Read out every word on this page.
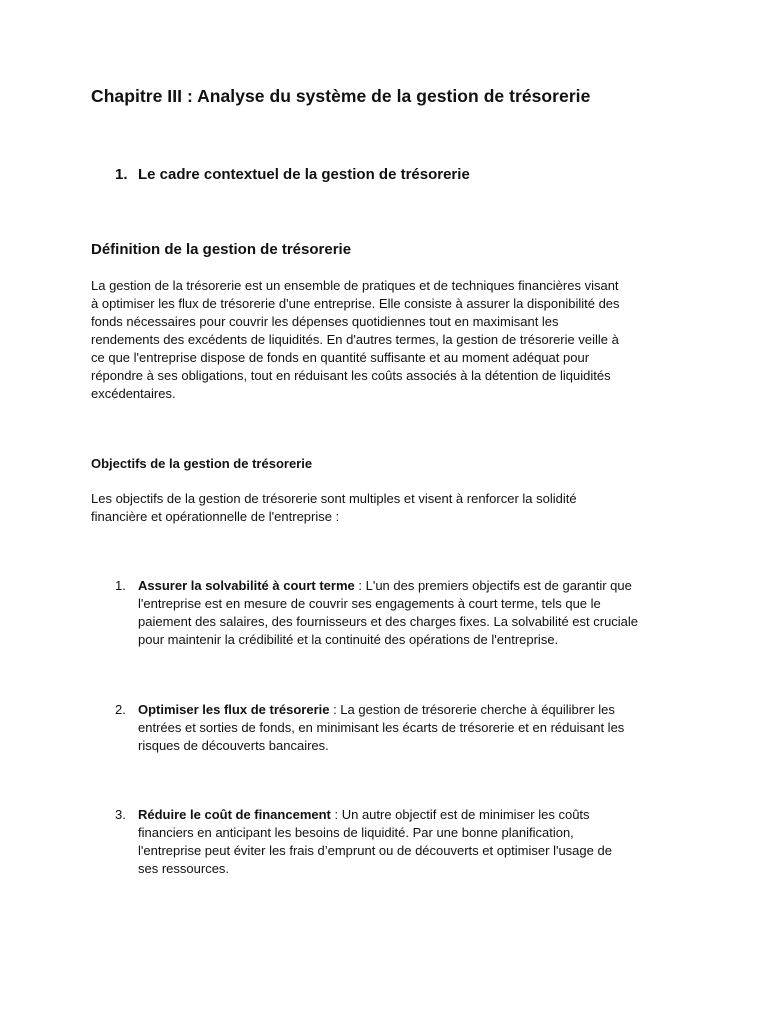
Chapitre III : Analyse du système de la gestion de trésorerie
1. Le cadre contextuel de la gestion de trésorerie
Définition de la gestion de trésorerie
La gestion de la trésorerie est un ensemble de pratiques et de techniques financières visant
à optimiser les flux de trésorerie d'une entreprise. Elle consiste à assurer la disponibilité des
fonds nécessaires pour couvrir les dépenses quotidiennes tout en maximisant les
rendements des excédents de liquidités. En d'autres termes, la gestion de trésorerie veille à
ce que l'entreprise dispose de fonds en quantité suffisante et au moment adéquat pour
répondre à ses obligations, tout en réduisant les coûts associés à la détention de liquidités
excédentaires.
Objectifs de la gestion de trésorerie
Les objectifs de la gestion de trésorerie sont multiples et visent à renforcer la solidité
financière et opérationnelle de l'entreprise :
1. Assurer la solvabilité à court terme : L'un des premiers objectifs est de garantir que
l'entreprise est en mesure de couvrir ses engagements à court terme, tels que le
paiement des salaires, des fournisseurs et des charges fixes. La solvabilité est cruciale
pour maintenir la crédibilité et la continuité des opérations de l'entreprise.
2. Optimiser les flux de trésorerie : La gestion de trésorerie cherche à équilibrer les
entrées et sorties de fonds, en minimisant les écarts de trésorerie et en réduisant les
risques de découverts bancaires.
3. Réduire le coût de financement : Un autre objectif est de minimiser les coûts
financiers en anticipant les besoins de liquidité. Par une bonne planification,
l'entreprise peut éviter les frais d’emprunt ou de découverts et optimiser l'usage de
ses ressources.
